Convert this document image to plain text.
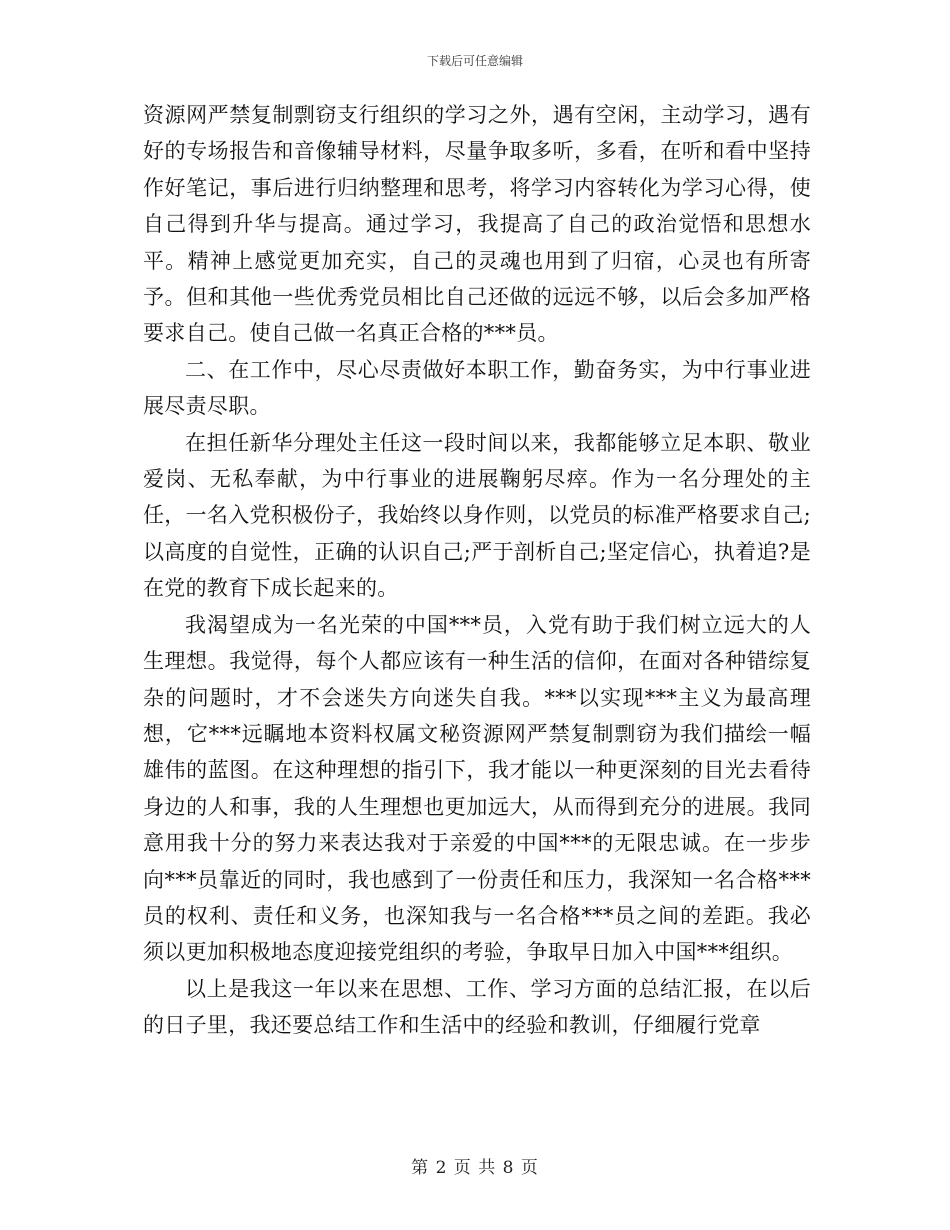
下载后可任意编辑

资源网严禁复制剽窃支行组织的学习之外，遇有空闲，主动学习，遇有好的专场报告和音像辅导材料，尽量争取多听，多看，在听和看中坚持作好笔记，事后进行归纳整理和思考，将学习内容转化为学习心得，使自己得到升华与提高。通过学习，我提高了自己的政治觉悟和思想水平。精神上感觉更加充实，自己的灵魂也用到了归宿，心灵也有所寄予。但和其他一些优秀党员相比自己还做的远远不够，以后会多加严格要求自己。使自己做一名真正合格的***员。

二、在工作中，尽心尽责做好本职工作，勤奋务实，为中行事业进展尽责尽职。

在担任新华分理处主任这一段时间以来，我都能够立足本职、敬业爱岗、无私奉献，为中行事业的进展鞠躬尽瘁。作为一名分理处的主任，一名入党积极份子，我始终以身作则，以党员的标准严格要求自己;以高度的自觉性，正确的认识自己;严于剖析自己;坚定信心，执着追?是在党的教育下成长起来的。

我渴望成为一名光荣的中国***员，入党有助于我们树立远大的人生理想。我觉得，每个人都应该有一种生活的信仰，在面对各种错综复杂的问题时，才不会迷失方向迷失自我。***以实现***主义为最高理想，它***远瞩地本资料权属文秘资源网严禁复制剽窃为我们描绘一幅雄伟的蓝图。在这种理想的指引下，我才能以一种更深刻的目光去看待身边的人和事，我的人生理想也更加远大，从而得到充分的进展。我同意用我十分的努力来表达我对于亲爱的中国***的无限忠诚。在一步步向***员靠近的同时，我也感到了一份责任和压力，我深知一名合格***员的权利、责任和义务，也深知我与一名合格***员之间的差距。我必须以更加积极地态度迎接党组织的考验，争取早日加入中国***组织。

以上是我这一年以来在思想、工作、学习方面的总结汇报，在以后的日子里，我还要总结工作和生活中的经验和教训，仔细履行党章

第 2 页 共 8 页
